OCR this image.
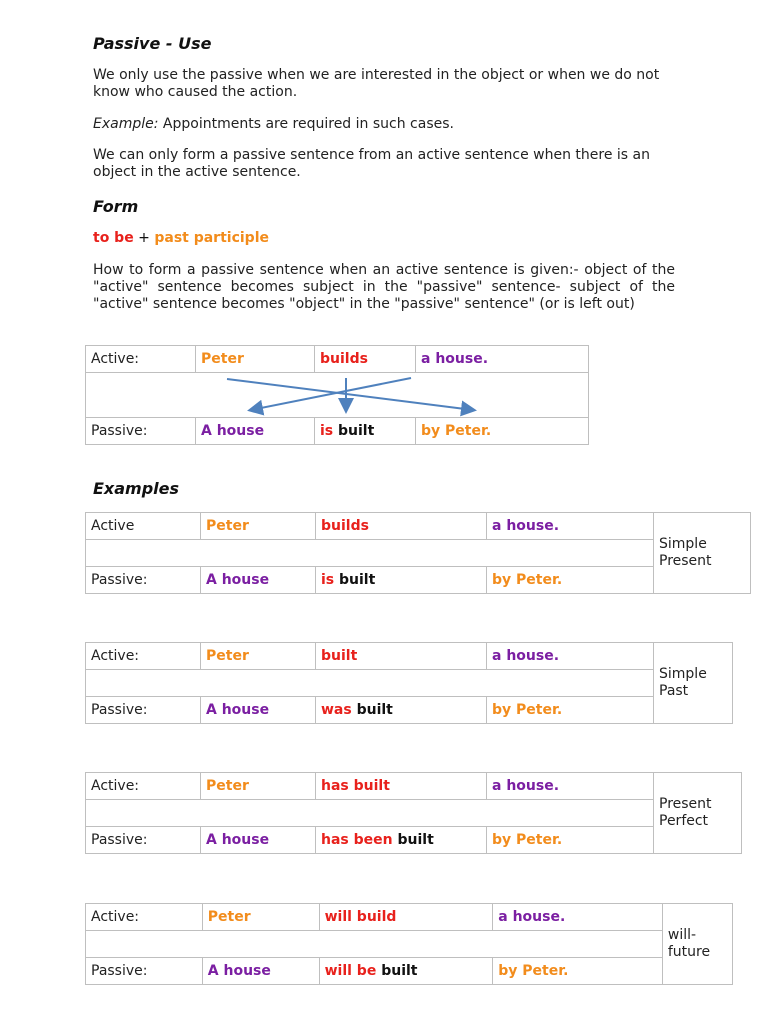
Passive - Use

We only use the passive when we are interested in the object or when we do not know who caused the action.

Example: Appointments are required in such cases.

We can only form a passive sentence from an active sentence when there is an object in the active sentence.

Form

to be + past participle

How to form a passive sentence when an active sentence is given:- object of the "active" sentence becomes subject in the "passive" sentence- subject of the "active" sentence becomes "object" in the "passive" sentence" (or is left out)

Active:	Peter	builds	a house.

Passive:	A house	is built	by Peter.
Examples
Active	Peter	builds	a house.	Simple Present

Passive:	A house	is built	by Peter.	
Active:	Peter	built	a house.	Simple Past

Passive:	A house	was built	by Peter.	
Active:	Peter	has built	a house.	Present Perfect

Passive:	A house	has been built	by Peter.	
Active:	Peter	will build	a house.	will-future

Passive:	A house	will be built	by Peter.	
